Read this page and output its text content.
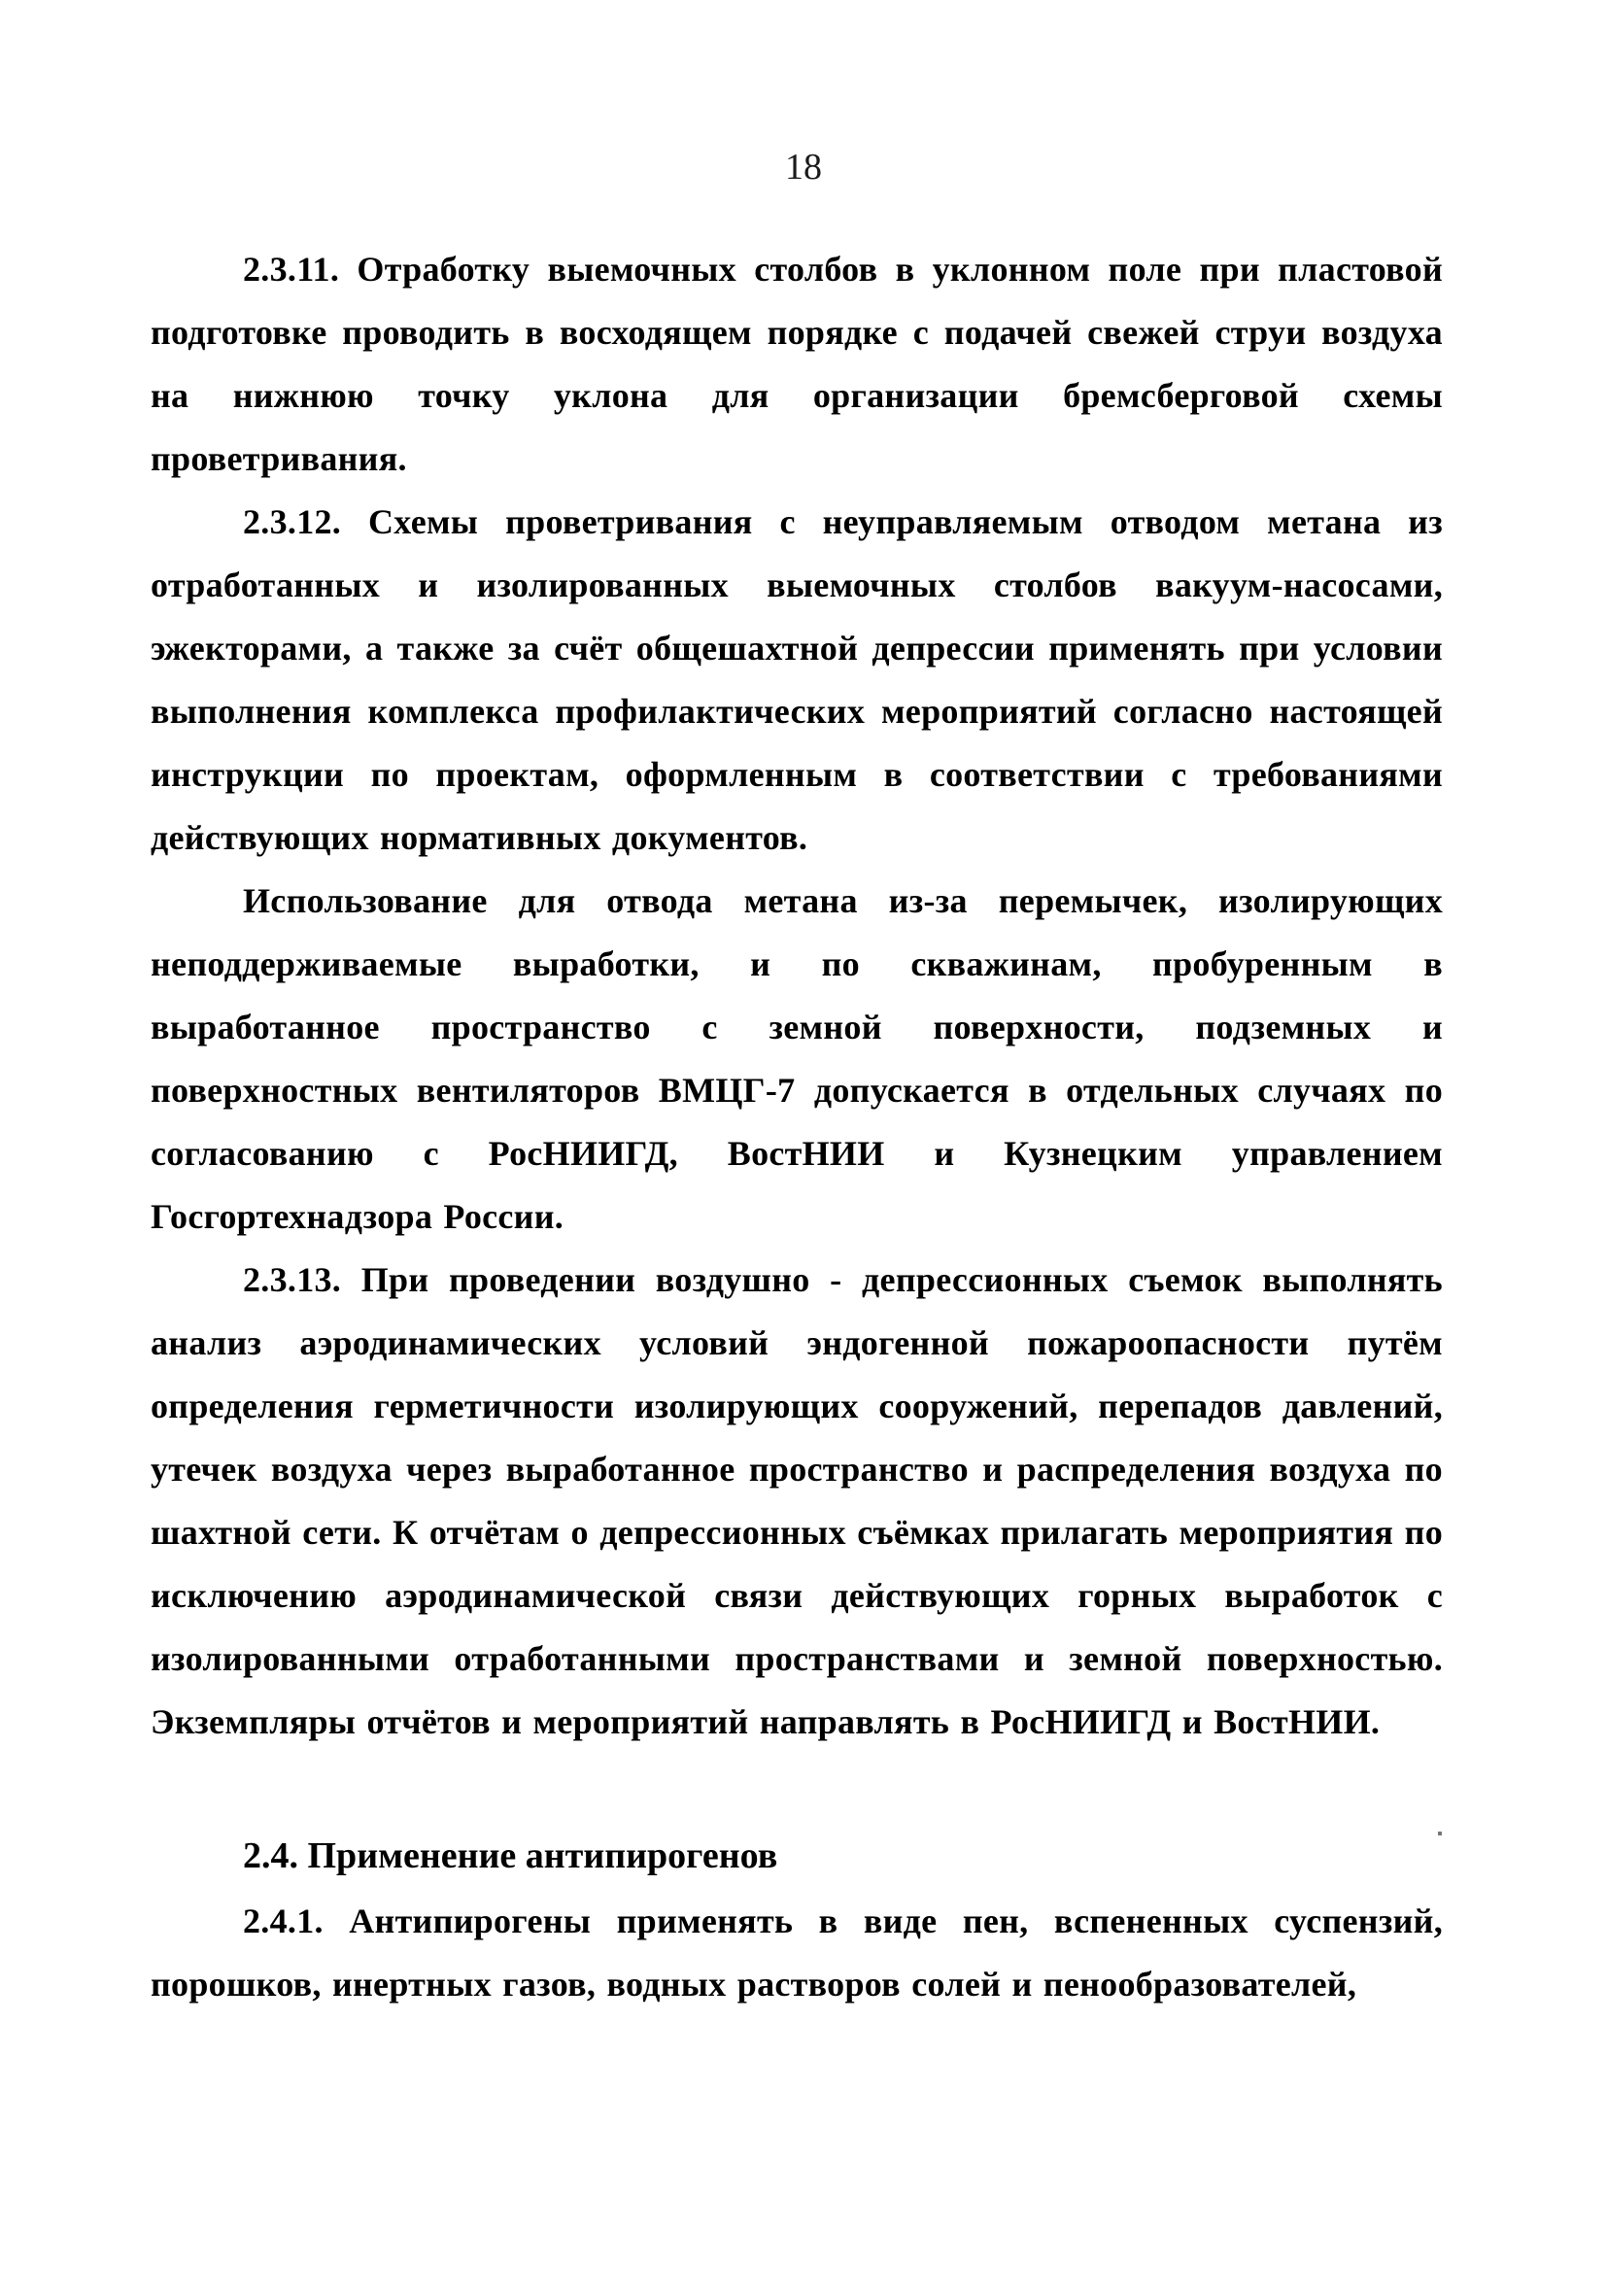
18

2.3.11. Отработку выемочных столбов в уклонном поле при пластовой подготовке проводить в восходящем порядке с подачей свежей струи воздуха на нижнюю точку уклона для организации бремсберговой схемы проветривания.

2.3.12. Схемы проветривания с неуправляемым отводом метана из отработанных и изолированных выемочных столбов вакуум-насосами, эжекторами, а также за счёт общешахтной депрессии применять при условии выполнения комплекса профилактических мероприятий согласно настоящей инструкции по проектам, оформленным в соответствии с требованиями действующих нормативных документов.

Использование для отвода метана из-за перемычек, изолирующих неподдерживаемые выработки, и по скважинам, пробуренным в выработанное пространство с земной поверхности, подземных и поверхностных вентиляторов ВМЦГ-7 допускается в отдельных случаях по согласованию с РосНИИГД, ВостНИИ и Кузнецким управлением Госгортехнадзора России.

2.3.13. При проведении воздушно - депрессионных съемок выполнять анализ аэродинамических условий эндогенной пожароопасности путём определения герметичности изолирующих сооружений, перепадов давлений, утечек воздуха через выработанное пространство и распределения воздуха по шахтной сети. К отчётам о депрессионных съёмках прилагать мероприятия по исключению аэродинамической связи действующих горных выработок с изолированными отработанными пространствами и земной поверхностью. Экземпляры отчётов и мероприятий направлять в РосНИИГД и ВостНИИ.

2.4. Применение антипирогенов

2.4.1. Антипирогены применять в виде пен, вспененных суспензий, порошков, инертных газов, водных растворов солей и пенообразователей,
